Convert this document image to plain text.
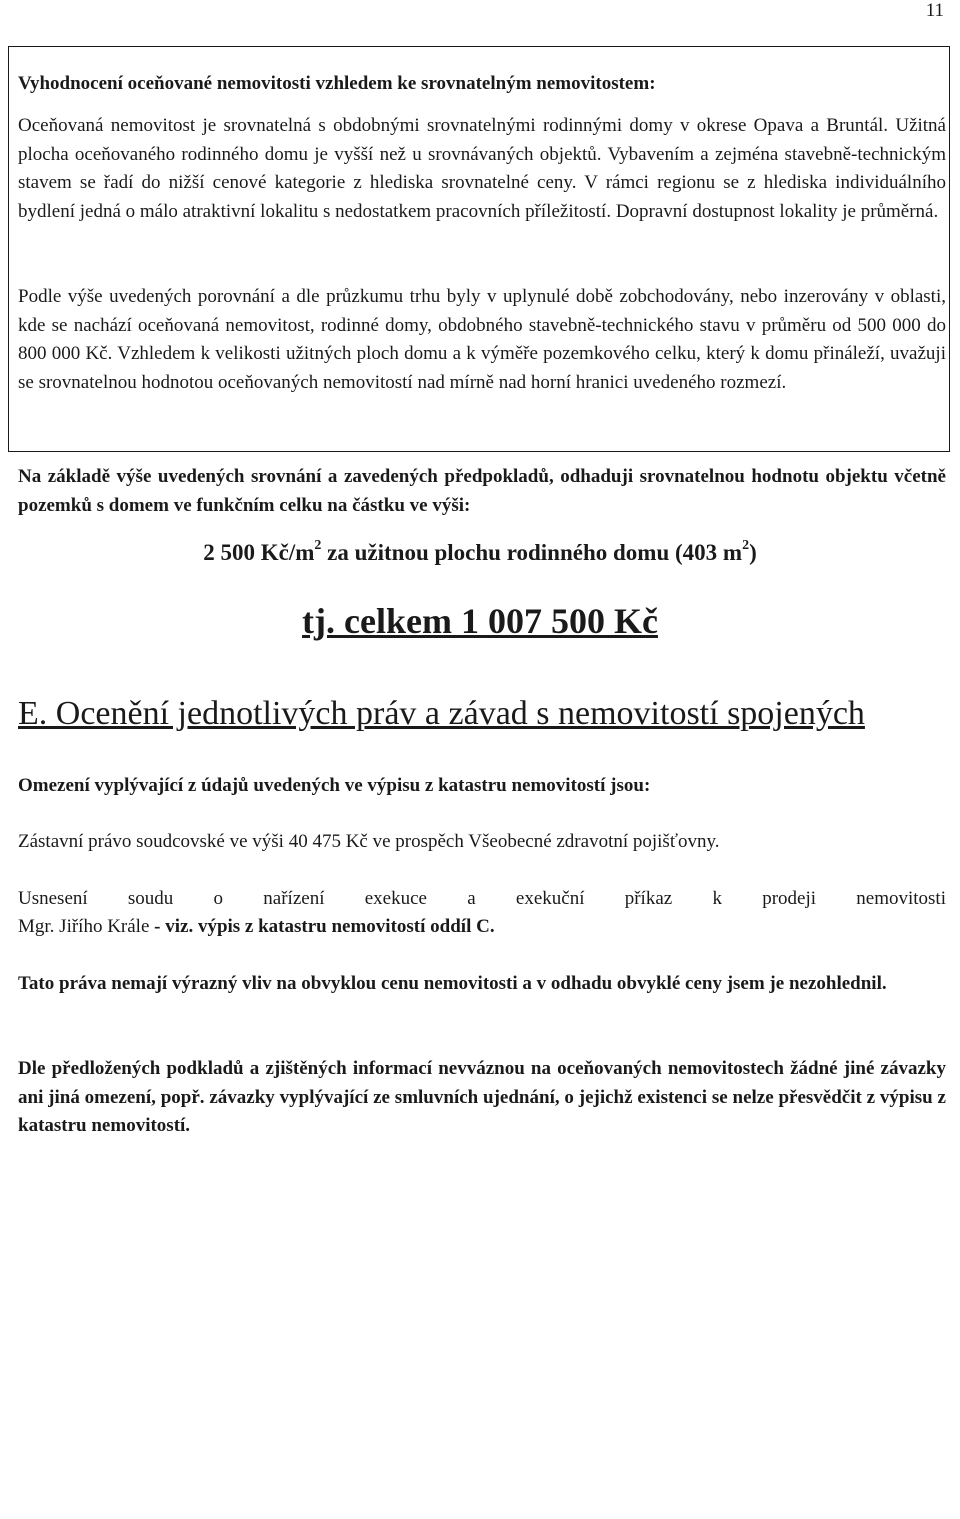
11

Vyhodnocení oceňované nemovitosti vzhledem ke srovnatelným nemovitostem:

Oceňovaná nemovitost je srovnatelná s obdobnými srovnatelnými rodinnými domy v okrese Opava a Bruntál. Užitná plocha oceňovaného rodinného domu je vyšší než u srovnávaných objektů. Vybavením a zejména stavebně-technickým stavem se řadí do nižší cenové kategorie z hlediska srovnatelné ceny. V rámci regionu se z hlediska individuálního bydlení jedná o málo atraktivní lokalitu s nedostatkem pracovních příležitostí. Dopravní dostupnost lokality je průměrná.

Podle výše uvedených porovnání a dle průzkumu trhu byly v uplynulé době zobchodovány, nebo inzerovány v oblasti, kde se nachází oceňovaná nemovitost, rodinné domy, obdobného stavebně-technického stavu v průměru od 500 000 do 800 000 Kč. Vzhledem k velikosti užitných ploch domu a k výměře pozemkového celku, který k domu přináleží, uvažuji se srovnatelnou hodnotou oceňovaných nemovitostí nad mírně nad horní hranici uvedeného rozmezí.

Na základě výše uvedených srovnání a zavedených předpokladů, odhaduji srovnatelnou hodnotu objektu včetně pozemků s domem ve funkčním celku na částku ve výši:

2 500 $Kč/m^2$ za užitnou plochu rodinného domu (403 $m^2$)
tj. celkem 1 007 500 Kč
E. Ocenění jednotlivých práv a závad s nemovitostí spojených

Omezení vyplývající z údajů uvedených ve výpisu z katastru nemovitostí jsou:

Zástavní právo soudcovské ve výši 40 475 Kč ve prospěch Všeobecné zdravotní pojišťovny.

Usnesení soudu o nařízení exekuce a exekuční příkaz k prodeji nemovitosti

Mgr. Jiřího Krále - viz. výpis z katastru nemovitostí oddíl C.

Tato práva nemají výrazný vliv na obvyklou cenu nemovitosti a v odhadu obvyklé ceny jsem je nezohlednil.

Dle předložených podkladů a zjištěných informací nevváznou na oceňovaných nemovitostech žádné jiné závazky ani jiná omezení, popř. závazky vyplývající ze smluvních ujednání, o jejichž existenci se nelze přesvědčit z výpisu z katastru nemovitostí.
